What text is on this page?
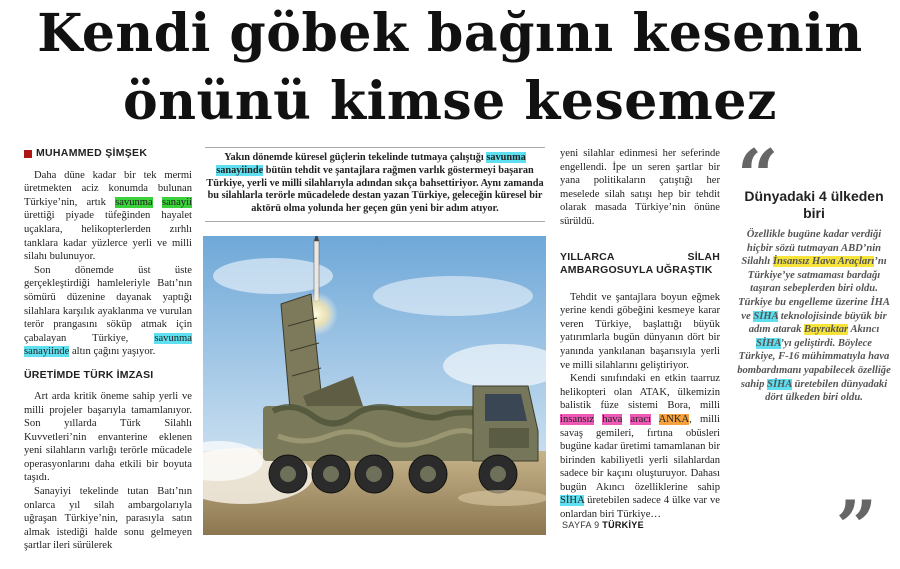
Kendi göbek bağını kesenin
önünü kimse kesemez
MUHAMMED ŞİMŞEK

Daha düne kadar bir tek mermi üretmekten aciz konumda bulunan Türkiye’nin, artık savunma sanayii ürettiği piyade tüfeğinden hayalet uçaklara, helikopterlerden zırhlı tanklara kadar yüzlerce yerli ve milli silahı bulunuyor.

Son dönemde üst üste gerçekleştirdiği hamleleriyle Batı’nın sömürü düzenine dayanak yaptığı silahlara karşılık ayaklanma ve vurulan terör prangasını söküp atmak için çabalayan Türkiye, savunma sanayiinde altın çağını yaşıyor.

ÜRETİMDE TÜRK İMZASI

Art arda kritik öneme sahip yerli ve milli projeler başarıyla tamamlanıyor. Son yıllarda Türk Silahlı Kuvvetleri’nin envanterine eklenen yeni silahların varlığı terörle mücadele operasyonlarını daha etkili bir boyuta taşıdı.

Sanayiyi tekelinde tutan Batı’nın onlarca yıl silah ambargolarıyla uğraşan Türkiye’nin, parasıyla satın almak istediği halde sonu gelmeyen şartlar ileri sürülerek

Yakın dönemde küresel güçlerin tekelinde tutmaya çalıştığı savunma sanayiinde bütün tehdit ve şantajlara rağmen varlık göstermeyi başaran Türkiye, yerli ve milli silahlarıyla adından sıkça bahsettiriyor. Aynı zamanda bu silahlarla terörle mücadelede destan yazan Türkiye, geleceğin küresel bir aktörü olma yolunda her geçen gün yeni bir adım atıyor.

yeni silahlar edinmesi her seferinde engellendi. İpe un seren şartlar bir yana politikaların çatıştığı her meselede silah satışı hep bir tehdit olarak masada Türkiye’nin önüne sürüldü.

YILLARCA SİLAH AMBARGOSUYLA UĞRAŞTIK

Tehdit ve şantajlara boyun eğmek yerine kendi göbeğini kesmeye karar veren Türkiye, başlattığı büyük yatırımlarla bugün dünyanın dört bir yanında yankılanan başarısıyla yerli ve milli silahlarını geliştiriyor.

Kendi sınıfındaki en etkin taarruz helikopteri olan ATAK, ülkemizin balistik füze sistemi Bora, milli insansız hava aracı ANKA, milli savaş gemileri, fırtına obüsleri bugüne kadar üretimi tamamlanan bir birinden kabiliyetli yerli silahlardan sadece bir kaçını oluşturuyor. Dahası bugün Akıncı özelliklerine sahip SİHA üretebilen sadece 4 ülke var ve onlardan biri Türkiye…

SAYFA 9 TÜRKİYE
“
Dünyadaki 4 ülkeden biri
Özellikle bugüne kadar verdiği hiçbir sözü tutmayan ABD’nin Silahlı İnsansız Hava Araçları’nı Türkiye’ye satmaması bardağı taşıran sebeplerden biri oldu. Türkiye bu engelleme üzerine İHA ve SİHA teknolojisinde büyük bir adım atarak Bayraktar Akıncı SİHA’yı geliştirdi. Böylece Türkiye, F-16 mühimmatıyla hava bombardımanı yapabilecek özelliğe sahip SİHA üretebilen dünyadaki dört ülkeden biri oldu.
”
